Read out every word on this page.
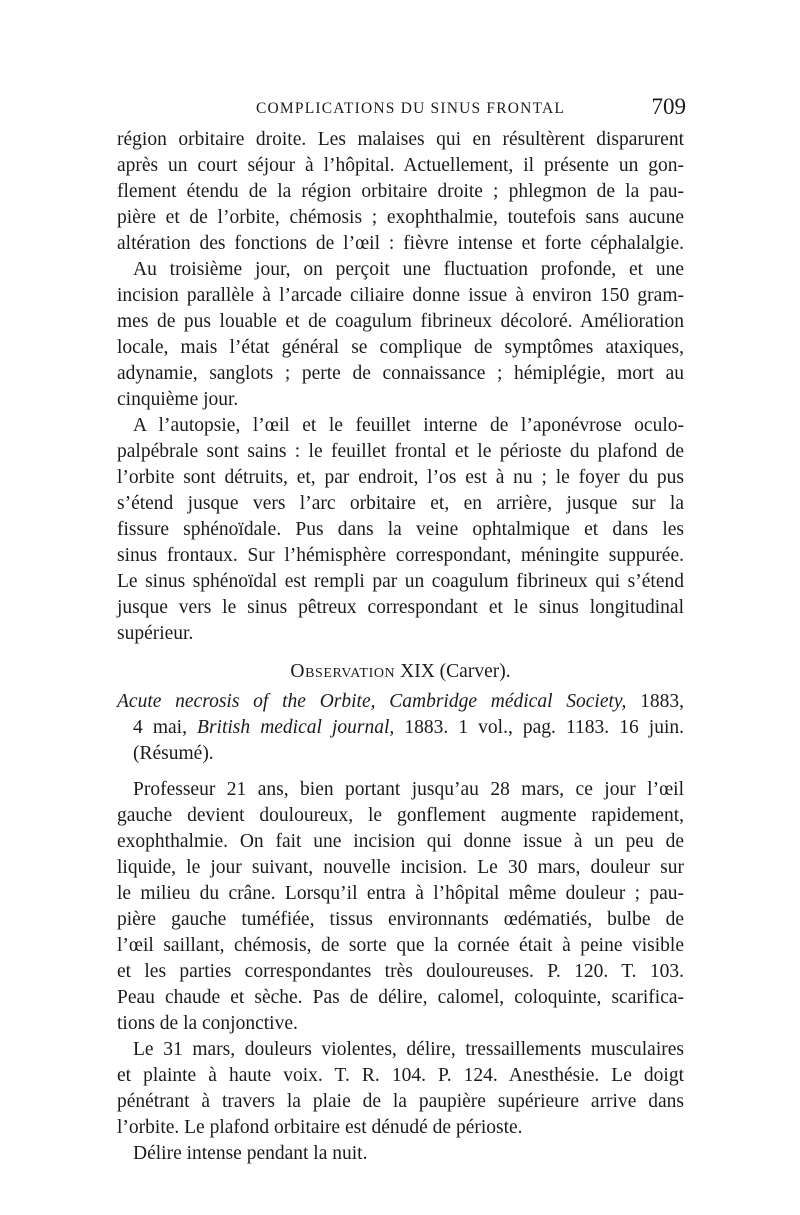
COMPLICATIONS DU SINUS FRONTAL	709

région orbitaire droite. Les malaises qui en résultèrent disparurent

après un court séjour à l’hôpital. Actuellement, il présente un gon-

flement étendu de la région orbitaire droite ; phlegmon de la pau-

pière et de l’orbite, chémosis ; exophthalmie, toutefois sans aucune

altération des fonctions de l’œil : fièvre intense et forte céphalalgie.

Au troisième jour, on perçoit une fluctuation profonde, et une

incision parallèle à l’arcade ciliaire donne issue à environ 150 gram-

mes de pus louable et de coagulum fibrineux décoloré. Amélioration

locale, mais l’état général se complique de symptômes ataxiques,

adynamie, sanglots ; perte de connaissance ; hémiplégie, mort au

cinquième jour.

A l’autopsie, l’œil et le feuillet interne de l’aponévrose oculo-

palpébrale sont sains : le feuillet frontal et le périoste du plafond de

l’orbite sont détruits, et, par endroit, l’os est à nu ; le foyer du pus

s’étend jusque vers l’arc orbitaire et, en arrière, jusque sur la

fissure sphénoïdale. Pus dans la veine ophtalmique et dans les

sinus frontaux. Sur l’hémisphère correspondant, méningite suppurée.

Le sinus sphénoïdal est rempli par un coagulum fibrineux qui s’étend

jusque vers le sinus pêtreux correspondant et le sinus longitudinal

supérieur.

Observation XIX (Carver).

Acute necrosis of the Orbite, Cambridge médical Society, 1883,

4 mai, British medical journal, 1883. 1 vol., pag. 1183. 16 juin.

(Résumé).

Professeur 21 ans, bien portant jusqu’au 28 mars, ce jour l’œil

gauche devient douloureux, le gonflement augmente rapidement,

exophthalmie. On fait une incision qui donne issue à un peu de

liquide, le jour suivant, nouvelle incision. Le 30 mars, douleur sur

le milieu du crâne. Lorsqu’il entra à l’hôpital même douleur ; pau-

pière gauche tuméfiée, tissus environnants œdématiés, bulbe de

l’œil saillant, chémosis, de sorte que la cornée était à peine visible

et les parties correspondantes très douloureuses. P. 120. T. 103.

Peau chaude et sèche. Pas de délire, calomel, coloquinte, scarifica-

tions de la conjonctive.

Le 31 mars, douleurs violentes, délire, tressaillements musculaires

et plainte à haute voix. T. R. 104. P. 124. Anesthésie. Le doigt

pénétrant à travers la plaie de la paupière supérieure arrive dans

l’orbite. Le plafond orbitaire est dénudé de périoste.

Délire intense pendant la nuit.
